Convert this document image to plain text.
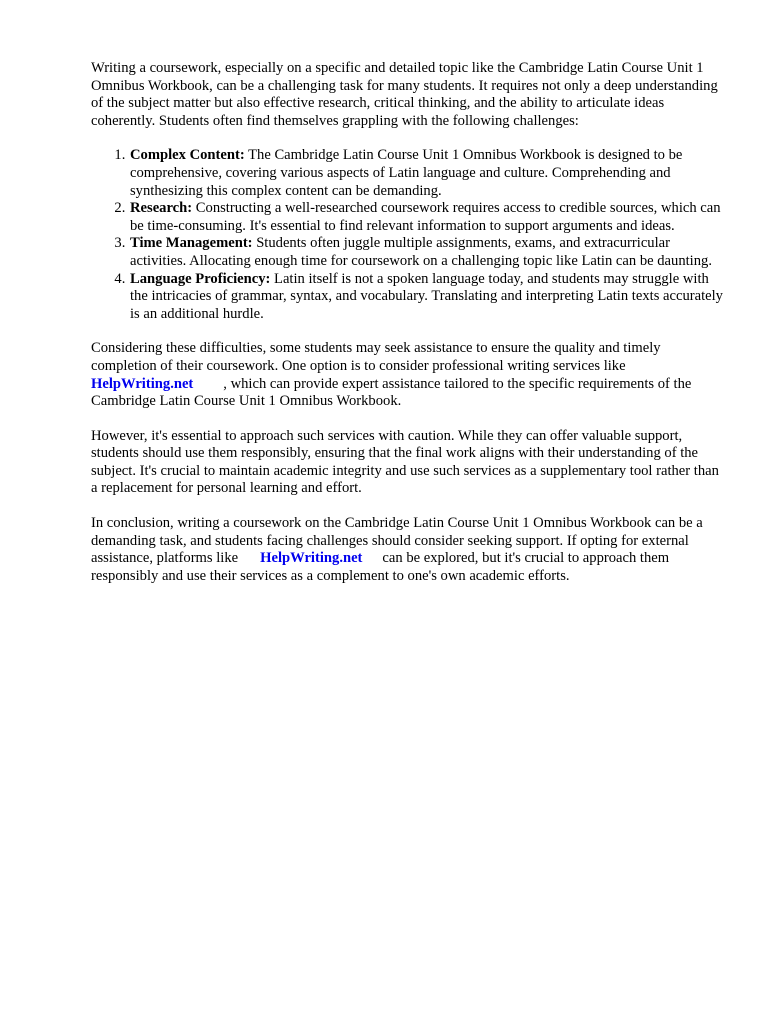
Writing a coursework, especially on a specific and detailed topic like the Cambridge Latin Course Unit 1 Omnibus Workbook, can be a challenging task for many students. It requires not only a deep understanding of the subject matter but also effective research, critical thinking, and the ability to articulate ideas coherently. Students often find themselves grappling with the following challenges:

1. Complex Content: The Cambridge Latin Course Unit 1 Omnibus Workbook is designed to be comprehensive, covering various aspects of Latin language and culture. Comprehending and synthesizing this complex content can be demanding.
2. Research: Constructing a well-researched coursework requires access to credible sources, which can be time-consuming. It's essential to find relevant information to support arguments and ideas.
3. Time Management: Students often juggle multiple assignments, exams, and extracurricular activities. Allocating enough time for coursework on a challenging topic like Latin can be daunting.
4. Language Proficiency: Latin itself is not a spoken language today, and students may struggle with the intricacies of grammar, syntax, and vocabulary. Translating and interpreting Latin texts accurately is an additional hurdle.

Considering these difficulties, some students may seek assistance to ensure the quality and timely completion of their coursework. One option is to consider professional writing services like
HelpWriting.net , which can provide expert assistance tailored to the specific requirements of the Cambridge Latin Course Unit 1 Omnibus Workbook.

However, it's essential to approach such services with caution. While they can offer valuable support, students should use them responsibly, ensuring that the final work aligns with their understanding of the subject. It's crucial to maintain academic integrity and use such services as a supplementary tool rather than a replacement for personal learning and effort.

In conclusion, writing a coursework on the Cambridge Latin Course Unit 1 Omnibus Workbook can be a demanding task, and students facing challenges should consider seeking support. If opting for external assistance, platforms like HelpWriting.net can be explored, but it's crucial to approach them responsibly and use their services as a complement to one's own academic efforts.
